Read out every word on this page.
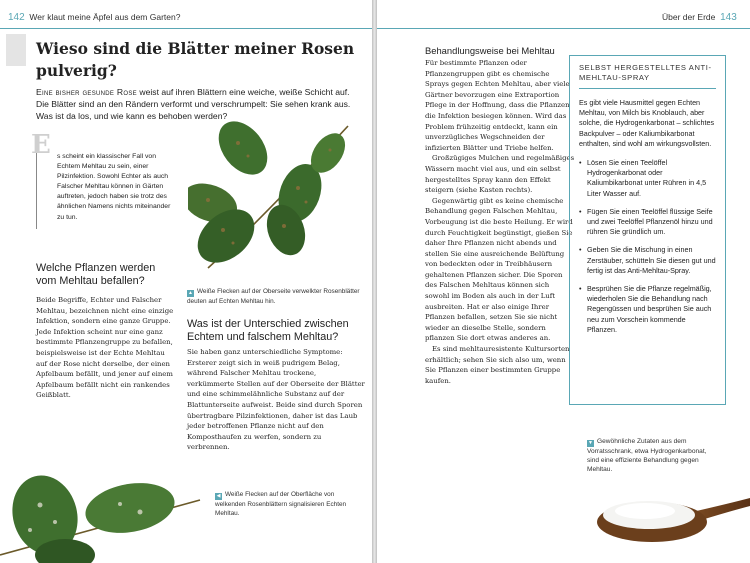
142 Wer klaut meine Äpfel aus dem Garten?
Wieso sind die Blätter meiner Rosen pulverig?
Eine bisher gesunde Rose weist auf ihren Blättern eine weiche, weiße Schicht auf. Die Blätter sind an den Rändern verformt und verschrumpelt: Sie sehen krank aus. Was ist da los, und wie kann es behoben werden?
E s scheint ein klassischer Fall von Echtem Mehltau zu sein, einer Pilzinfektion. Sowohl Echter als auch Falscher Mehltau können in Gärten auftreten, jedoch haben sie trotz des ähnlichen Namens nichts miteinander zu tun.
▲ Weiße Flecken auf der Oberseite verwelkter Rosenblätter deuten auf Echten Mehltau hin.
Welche Pflanzen werden vom Mehltau befallen?
Beide Begriffe, Echter und Falscher Mehltau, bezeichnen nicht eine einzige Infektion, sondern eine ganze Gruppe. Jede Infektion scheint nur eine ganz bestimmte Pflanzengruppe zu befallen, beispielsweise ist der Echte Mehltau auf der Rose nicht derselbe, der einen Apfelbaum befällt, und jener auf einem Apfelbaum befällt nicht ein rankendes Geißblatt.
Was ist der Unterschied zwischen Echtem und falschem Mehltau?
Sie haben ganz unterschiedliche Symptome: Ersterer zeigt sich in weiß pudrigem Belag, während Falscher Mehltau trockene, verkümmerte Stellen auf der Oberseite der Blätter und eine schimmelähnliche Substanz auf der Blattunterseite aufweist. Beide sind durch Sporen übertragbare Pilzinfektionen, daher ist das Laub jeder betroffenen Pflanze nicht auf den Komposthaufen zu werfen, sondern zu verbrennen.
◀ Weiße Flecken auf der Oberfläche von welkenden Rosenblättern signalisieren Echten Mehltau.
Über der Erde 143
Behandlungsweise bei Mehltau

Für bestimmte Pflanzen oder Pflanzengruppen gibt es chemische Sprays gegen Echten Mehltau, aber viele Gärtner bevorzugen eine Extraportion Pflege in der Hoffnung, dass die Pflanzen die Infektion besiegen können. Wird das Problem frühzeitig entdeckt, kann ein unverzügliches Wegschneiden der infizierten Blätter und Triebe helfen.

Großzügiges Mulchen und regelmäßiges Wässern macht viel aus, und ein selbst hergestelltes Spray kann den Effekt steigern (siehe Kasten rechts).

Gegenwärtig gibt es keine chemische Behandlung gegen Falschen Mehltau, Vorbeugung ist die beste Heilung. Er wird durch Feuchtigkeit begünstigt, gießen Sie daher Ihre Pflanzen nicht abends und stellen Sie eine ausreichende Belüftung von bedeckten oder in Treibhäusern gehaltenen Pflanzen sicher. Die Sporen des Falschen Mehltaus können sich sowohl im Boden als auch in der Luft ausbreiten. Hat er also einige Ihrer Pflanzen befallen, setzen Sie sie nicht wieder an dieselbe Stelle, sondern pflanzen Sie dort etwas anderes an.

Es sind mehltauresistente Kultursorten erhältlich; sehen Sie sich also um, wenn Sie Pflanzen einer bestimmten Gruppe kaufen.

SELBST HERGESTELLTES ANTI-MEHLTAU-SPRAY
Es gibt viele Hausmittel gegen Echten Mehltau, von Milch bis Knoblauch, aber solche, die Hydrogenkarbonat – schlichtes Backpulver – oder Kaliumbikarbonat enthalten, sind wohl am wirkungsvollsten.
• Lösen Sie einen Teelöffel Hydrogenkarbonat oder Kaliumbikarbonat unter Rühren in 4,5 Liter Wasser auf.
• Fügen Sie einen Teelöffel flüssige Seife und zwei Teelöffel Pflanzenöl hinzu und rühren Sie gründlich um.
• Geben Sie die Mischung in einen Zerstäuber, schütteln Sie diesen gut und fertig ist das Anti-Mehltau-Spray.
• Besprühen Sie die Pflanze regelmäßig, wiederholen Sie die Behandlung nach Regengüssen und besprühen Sie auch neu zum Vorschein kommende Pflanzen.
▼ Gewöhnliche Zutaten aus dem Vorratsschrank, etwa Hydrogenkarbonat, sind eine effiziente Behandlung gegen Mehltau.
